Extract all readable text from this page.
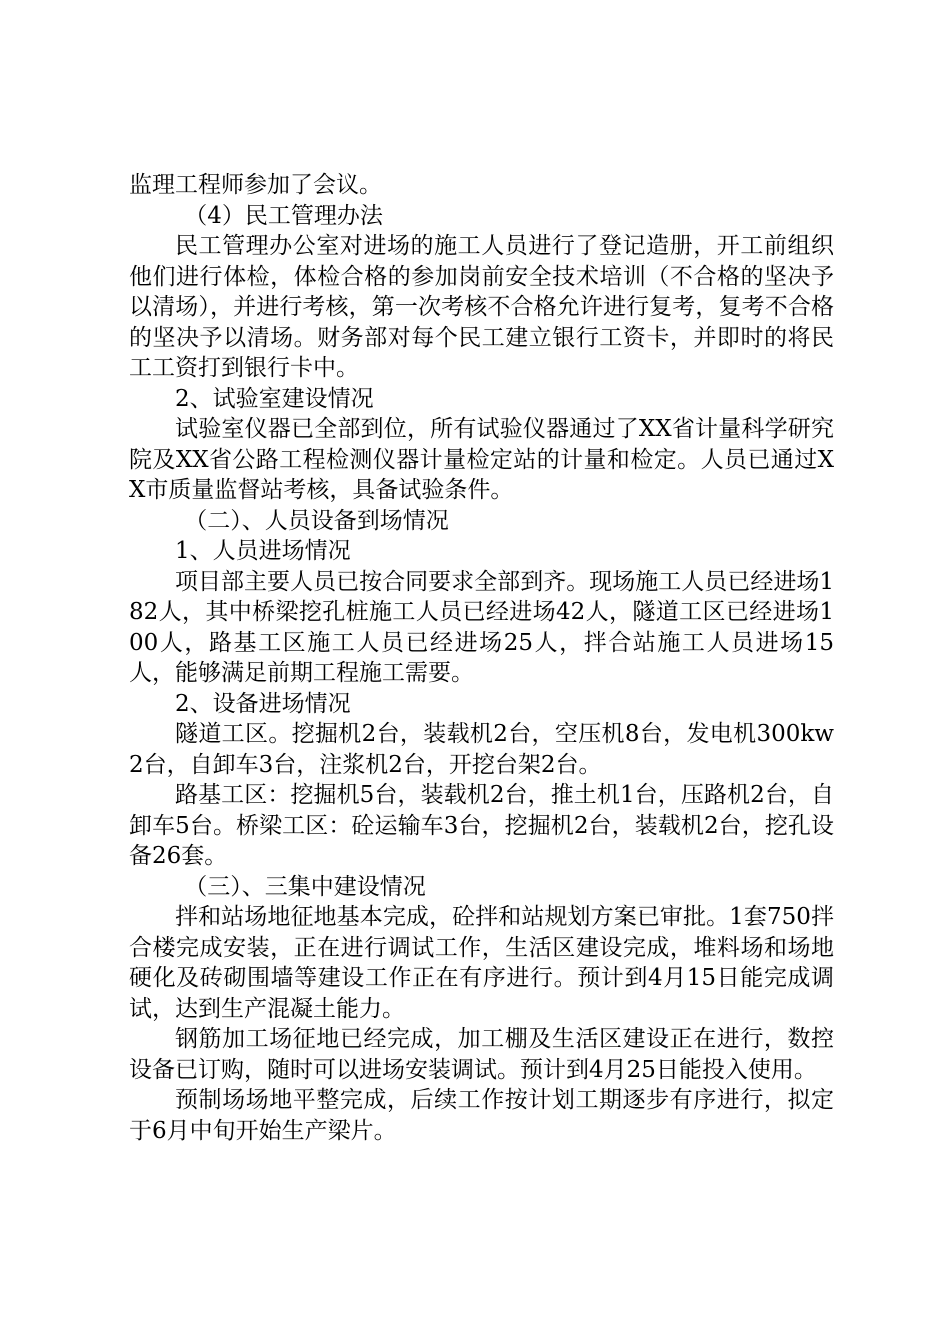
监理工程师参加了会议。

（4）民工管理办法

民工管理办公室对进场的施工人员进行了登记造册，开工前组织他们进行体检，体检合格的参加岗前安全技术培训（不合格的坚决予以清场），并进行考核，第一次考核不合格允许进行复考，复考不合格的坚决予以清场。财务部对每个民工建立银行工资卡，并即时的将民工工资打到银行卡中。

2、试验室建设情况

试验室仪器已全部到位，所有试验仪器通过了XX省计量科学研究院及XX省公路工程检测仪器计量检定站的计量和检定。人员已通过XX市质量监督站考核，具备试验条件。

（二）、人员设备到场情况

1、人员进场情况

项目部主要人员已按合同要求全部到齐。现场施工人员已经进场182人，其中桥梁挖孔桩施工人员已经进场42人，隧道工区已经进场100人，路基工区施工人员已经进场25人，拌合站施工人员进场15人，能够满足前期工程施工需要。

2、设备进场情况

隧道工区。挖掘机2台，装载机2台，空压机8台，发电机300kw2台，自卸车3台，注浆机2台，开挖台架2台。

路基工区：挖掘机5台，装载机2台，推土机1台，压路机2台，自卸车5台。桥梁工区：砼运输车3台，挖掘机2台，装载机2台，挖孔设备26套。

（三）、三集中建设情况

拌和站场地征地基本完成，砼拌和站规划方案已审批。1套750拌合楼完成安装，正在进行调试工作，生活区建设完成，堆料场和场地硬化及砖砌围墙等建设工作正在有序进行。预计到4月15日能完成调试，达到生产混凝土能力。

钢筋加工场征地已经完成，加工棚及生活区建设正在进行，数控设备已订购，随时可以进场安装调试。预计到4月25日能投入使用。

预制场场地平整完成，后续工作按计划工期逐步有序进行，拟定于6月中旬开始生产梁片。
